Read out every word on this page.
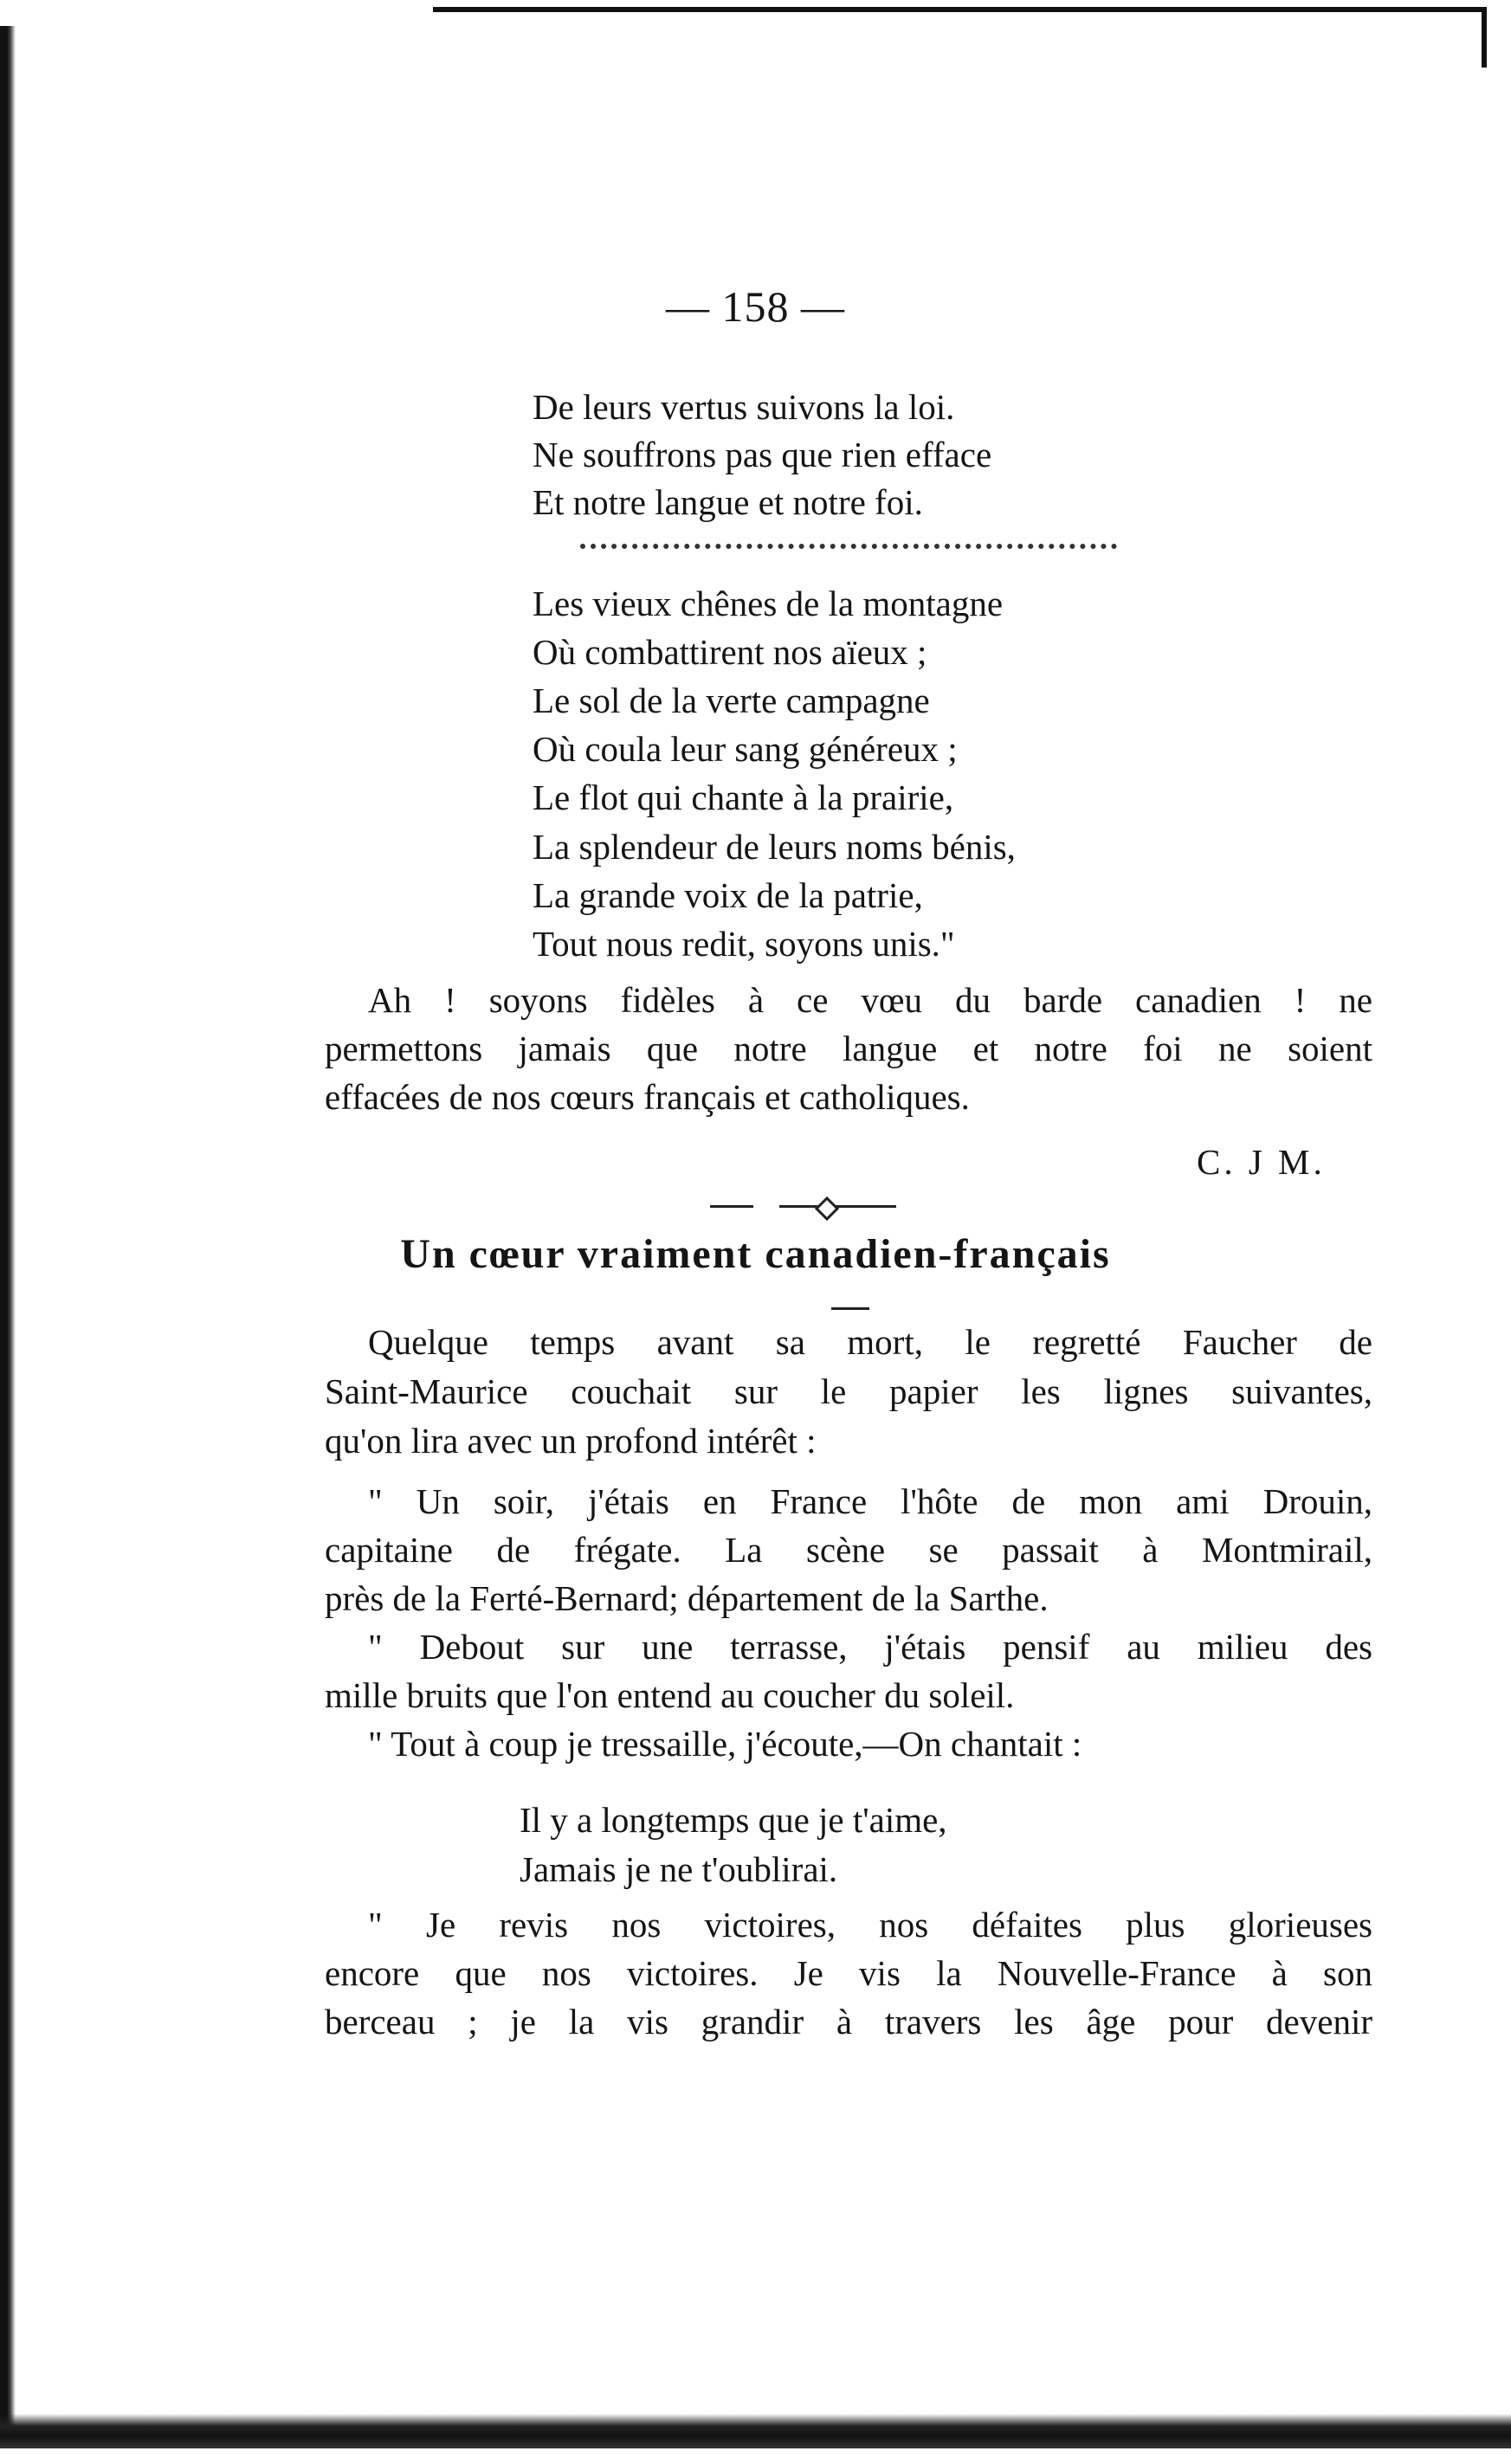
— 158 —
De leurs vertus suivons la loi.
Ne souffrons pas que rien efface
Et notre langue et notre foi.
Les vieux chênes de la montagne
Où combattirent nos aïeux ;
Le sol de la verte campagne
Où coula leur sang généreux ;
Le flot qui chante à la prairie,
La splendeur de leurs noms bénis,
La grande voix de la patrie,
Tout nous redit, soyons unis."
Ah ! soyons fidèles à ce vœu du barde canadien ! ne
permettons jamais que notre langue et notre foi ne soient
effacées de nos cœurs français et catholiques.
C. J M.
Un cœur vraiment canadien-français
Quelque temps avant sa mort, le regretté Faucher de
Saint-Maurice couchait sur le papier les lignes suivantes,
qu'on lira avec un profond intérêt :
" Un soir, j'étais en France l'hôte de mon ami Drouin,
capitaine de frégate. La scène se passait à Montmirail,
près de la Ferté-Bernard; département de la Sarthe.
" Debout sur une terrasse, j'étais pensif au milieu des
mille bruits que l'on entend au coucher du soleil.
" Tout à coup je tressaille, j'écoute,—On chantait :
Il y a longtemps que je t'aime,
Jamais je ne t'oublirai.
" Je revis nos victoires, nos défaites plus glorieuses
encore que nos victoires. Je vis la Nouvelle-France à son
berceau ; je la vis grandir à travers les âge pour devenir
